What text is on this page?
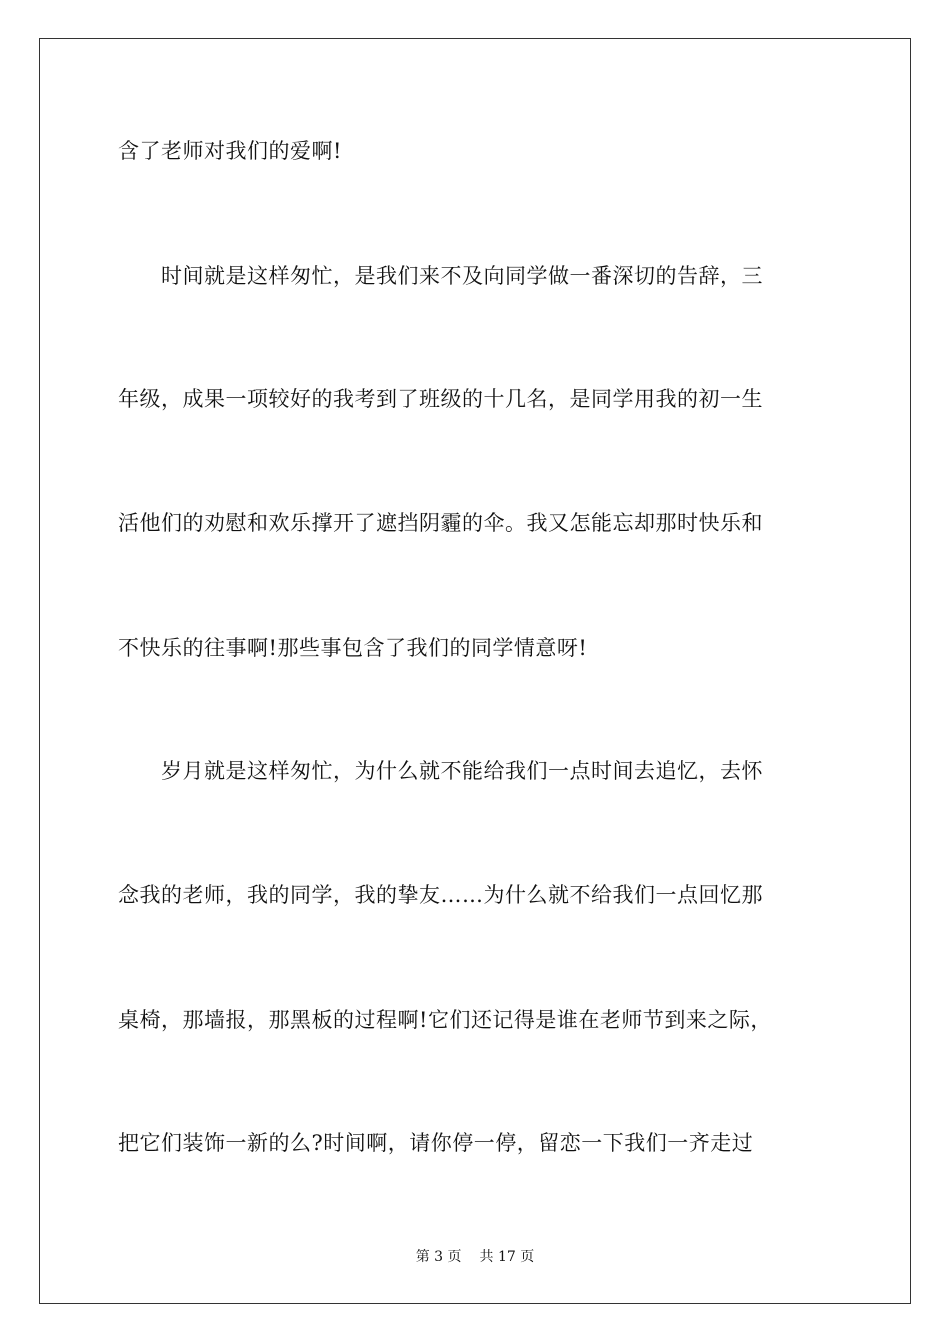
含了老师对我们的爱啊!
　　时间就是这样匆忙，是我们来不及向同学做一番深切的告辞，三
年级，成果一项较好的我考到了班级的十几名，是同学用我的初一生
活他们的劝慰和欢乐撑开了遮挡阴霾的伞。我又怎能忘却那时快乐和
不快乐的往事啊!那些事包含了我们的同学情意呀!
　　岁月就是这样匆忙，为什么就不能给我们一点时间去追忆，去怀
念我的老师，我的同学，我的挚友……为什么就不给我们一点回忆那
桌椅，那墙报，那黑板的过程啊!它们还记得是谁在老师节到来之际，
把它们装饰一新的么?时间啊，请你停一停，留恋一下我们一齐走过
第 3 页 共 17 页
